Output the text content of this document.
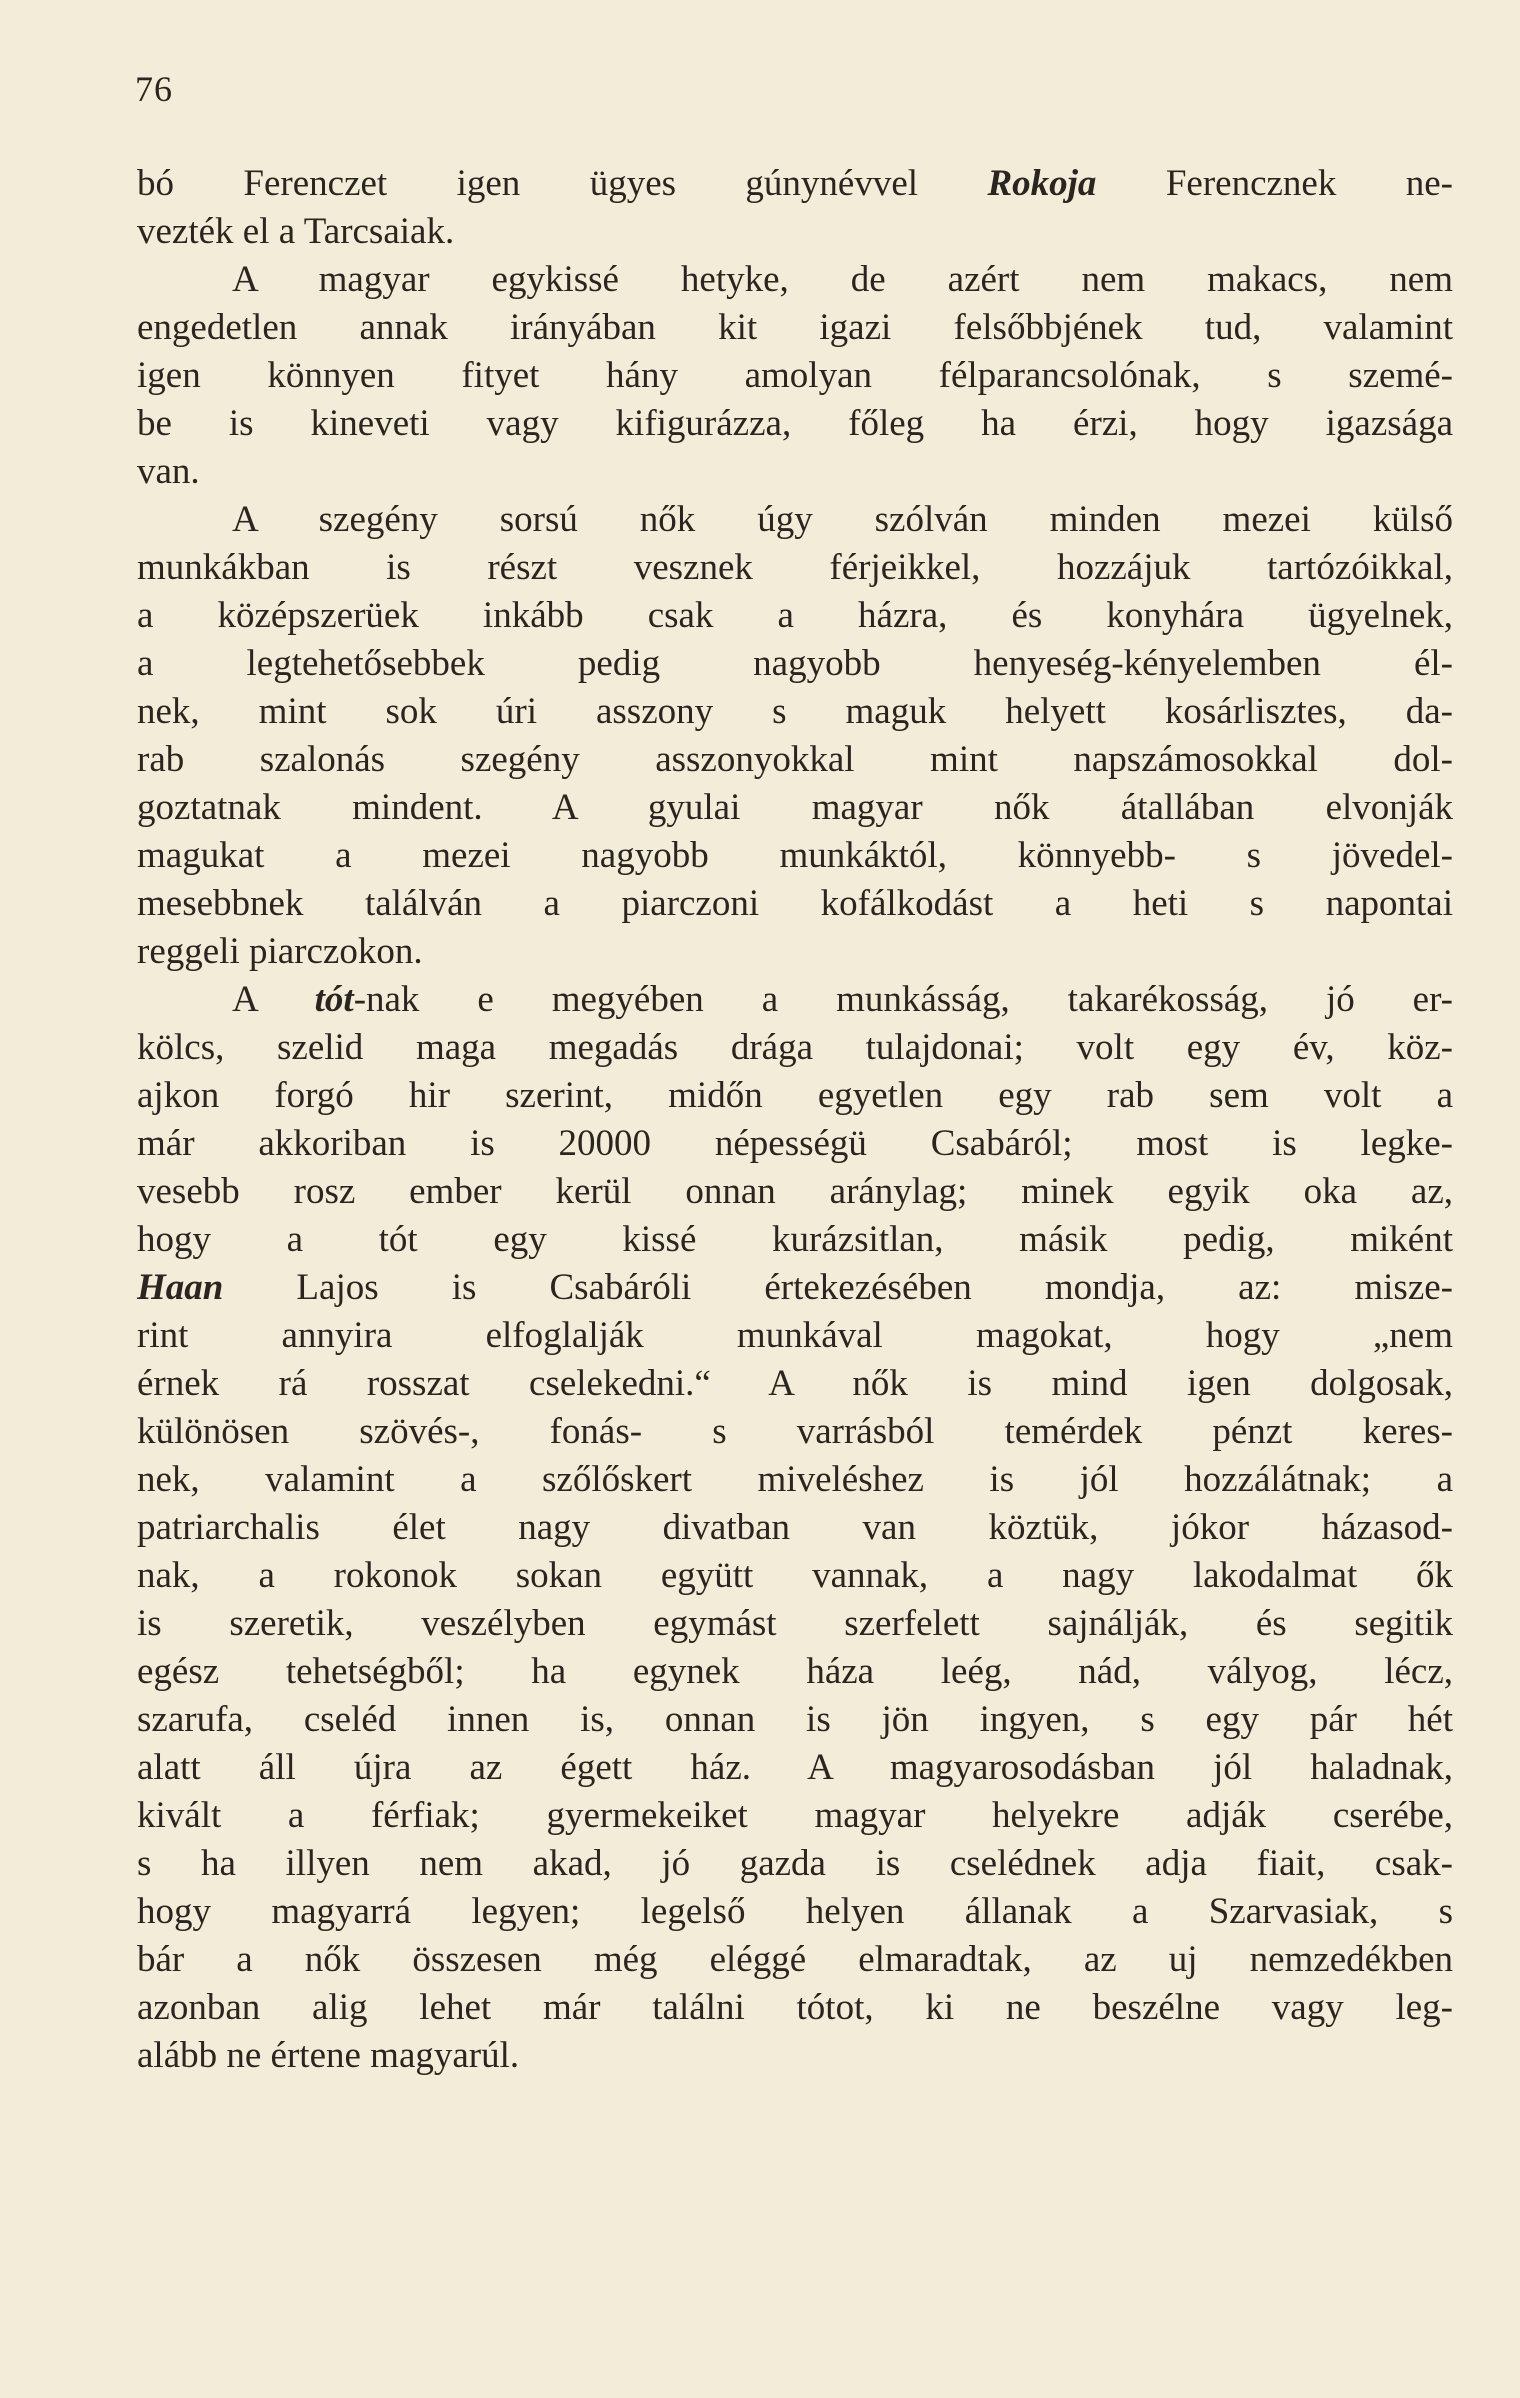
76
bó Ferenczet igen ügyes gúnynévvel Rokoja Ferencznek ne-
vezték el a Tarcsaiak.
A magyar egykissé hetyke, de azért nem makacs, nem
engedetlen annak irányában kit igazi felsőbbjének tud, valamint
igen könnyen fityet hány amolyan félparancsolónak, s szemé-
be is kineveti vagy kifigurázza, főleg ha érzi, hogy igazsága
van.
A szegény sorsú nők úgy szólván minden mezei külső
munkákban is részt vesznek férjeikkel, hozzájuk tartózóikkal,
a középszerüek inkább csak a házra, és konyhára ügyelnek,
a legtehetősebbek pedig nagyobb henyeség-kényelemben él-
nek, mint sok úri asszony s maguk helyett kosárlisztes, da-
rab szalonás szegény asszonyokkal mint napszámosokkal dol-
goztatnak mindent. A gyulai magyar nők átallában elvonják
magukat a mezei nagyobb munkáktól, könnyebb- s jövedel-
mesebbnek találván a piarczoni kofálkodást a heti s napontai
reggeli piarczokon.
A tót-nak e megyében a munkásság, takarékosság, jó er-
kölcs, szelid maga megadás drága tulajdonai; volt egy év, köz-
ajkon forgó hir szerint, midőn egyetlen egy rab sem volt a
már akkoriban is 20000 népességü Csabáról; most is legke-
vesebb rosz ember kerül onnan aránylag; minek egyik oka az,
hogy a tót egy kissé kurázsitlan, másik pedig, miként
Haan Lajos is Csabáróli értekezésében mondja, az: misze-
rint annyira elfoglalják munkával magokat, hogy „nem
érnek rá rosszat cselekedni.“ A nők is mind igen dolgosak,
különösen szövés-, fonás- s varrásból temérdek pénzt keres-
nek, valamint a szőlőskert miveléshez is jól hozzálátnak; a
patriarchalis élet nagy divatban van köztük, jókor házasod-
nak, a rokonok sokan együtt vannak, a nagy lakodalmat ők
is szeretik, veszélyben egymást szerfelett sajnálják, és segitik
egész tehetségből; ha egynek háza leég, nád, vályog, lécz,
szarufa, cseléd innen is, onnan is jön ingyen, s egy pár hét
alatt áll újra az égett ház. A magyarosodásban jól haladnak,
kivált a férfiak; gyermekeiket magyar helyekre adják cserébe,
s ha illyen nem akad, jó gazda is cselédnek adja fiait, csak-
hogy magyarrá legyen; legelső helyen állanak a Szarvasiak, s
bár a nők összesen még eléggé elmaradtak, az uj nemzedékben
azonban alig lehet már találni tótot, ki ne beszélne vagy leg-
alább ne értene magyarúl.
